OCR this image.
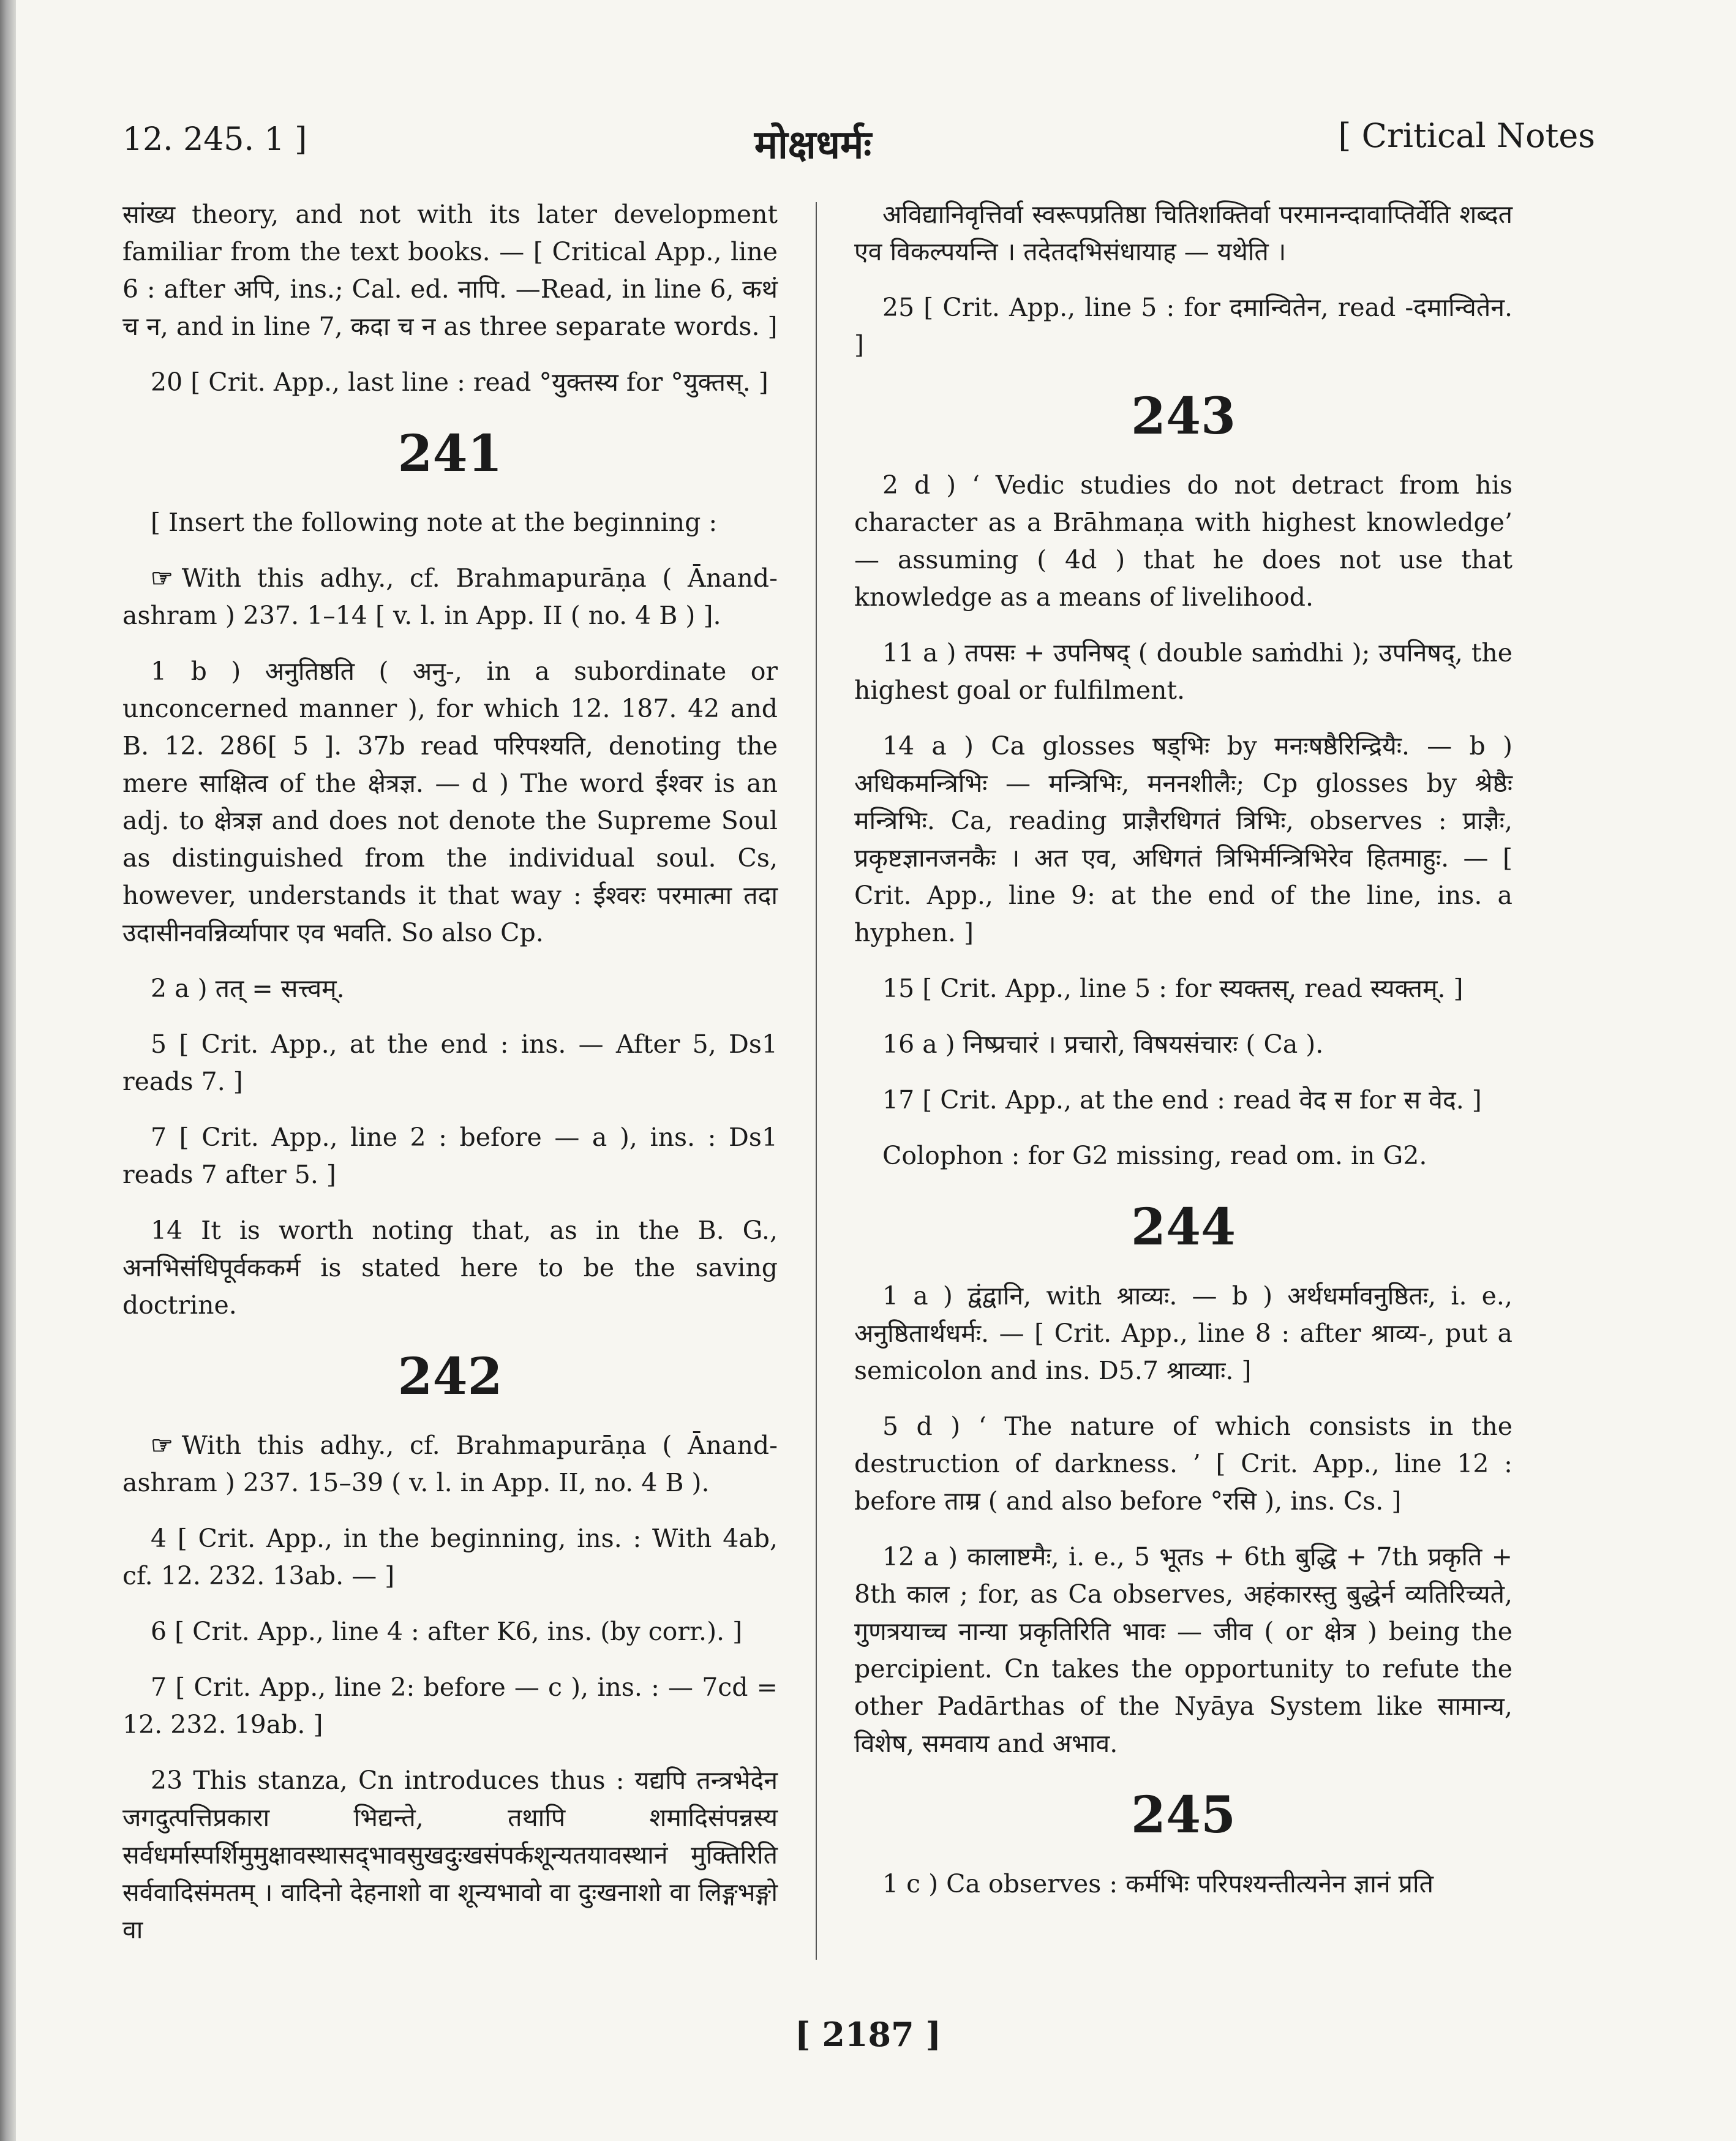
12. 245. 1 ]	मोक्षधर्मः	[ Critical Notes
सांख्य theory, and not with its later development familiar from the text books. — [ Critical App., line 6 : after अपि, ins.; Cal. ed. नापि. —Read, in line 6, कथं च न, and in line 7, कदा च न as three separate words. ]
20 [ Crit. App., last line : read °युक्तस्य for °युक्तस्. ]
241
[ Insert the following note at the beginning :
☞ With this adhy., cf. Brahmapurāṇa ( Ānand-ashram ) 237. 1–14 [ v. l. in App. II ( no. 4 B ) ].
1 b ) अनुतिष्ठति ( अनु-, in a subordinate or unconcerned manner ), for which 12. 187. 42 and B. 12. 286[ 5 ]. 37b read परिपश्यति, denoting the mere साक्षित्व of the क्षेत्रज्ञ. — d ) The word ईश्वर is an adj. to क्षेत्रज्ञ and does not denote the Supreme Soul as distinguished from the individual soul. Cs, however, understands it that way : ईश्वरः परमात्मा तदा उदासीनवन्निर्व्यापार एव भवति. So also Cp.
2 a ) तत् = सत्त्वम्.
5 [ Crit. App., at the end : ins. — After 5, Ds1 reads 7. ]
7 [ Crit. App., line 2 : before — a ), ins. : Ds1 reads 7 after 5. ]
14 It is worth noting that, as in the B. G., अनभिसंधिपूर्वककर्म is stated here to be the saving doctrine.
242
☞ With this adhy., cf. Brahmapurāṇa ( Ānand-ashram ) 237. 15–39 ( v. l. in App. II, no. 4 B ).
4 [ Crit. App., in the beginning, ins. : With 4ab, cf. 12. 232. 13ab. — ]
6 [ Crit. App., line 4 : after K6, ins. (by corr.). ]
7 [ Crit. App., line 2: before — c ), ins. : — 7cd = 12. 232. 19ab. ]
23 This stanza, Cn introduces thus : यद्यपि तन्त्रभेदेन जगदुत्पत्तिप्रकारा भिद्यन्ते, तथापि शमादिसंपन्नस्य सर्वधर्मास्पर्शिमुमुक्षावस्थासद्‌भावसुखदुःखसंपर्कशून्यतयावस्थानं मुक्तिरिति सर्ववादिसंमतम् । वादिनो देहनाशो वा शून्यभावो वा दुःखनाशो वा लिङ्गभङ्गो वा
अविद्यानिवृत्तिर्वा स्वरूपप्रतिष्ठा चितिशक्तिर्वा परमानन्दावाप्तिर्वेति शब्दत एव विकल्पयन्ति । तदेतदभिसंधायाह — यथेति ।
25 [ Crit. App., line 5 : for दमान्वितेन, read -दमान्वितेन. ]
243
2 d ) ‘ Vedic studies do not detract from his character as a Brāhmaṇa with highest knowledge’ — assuming ( 4d ) that he does not use that knowledge as a means of livelihood.
11 a ) तपसः + उपनिषद् ( double saṁdhi ); उपनिषद्, the highest goal or fulfilment.
14 a ) Ca glosses षड्भिः by मनःषष्ठैरिन्द्रियैः. — b ) अधिकमन्त्रिभिः — मन्त्रिभिः, मननशीलैः; Cp glosses by श्रेष्ठैः मन्त्रिभिः. Ca, reading प्राज्ञैरधिगतं त्रिभिः, observes : प्राज्ञैः, प्रकृष्टज्ञानजनकैः । अत एव, अधिगतं त्रिभिर्मन्त्रिभिरेव हितमाहुः. — [ Crit. App., line 9: at the end of the line, ins. a hyphen. ]
15 [ Crit. App., line 5 : for स्यक्तस्, read स्यक्तम्. ]
16 a ) निष्प्रचारं । प्रचारो, विषयसंचारः ( Ca ).
17 [ Crit. App., at the end : read वेद स for स वेद. ]
Colophon : for G2 missing, read om. in G2.
244
1 a ) द्वंद्वानि, with श्राव्यः. — b ) अर्थधर्मावनुष्ठितः, i. e., अनुष्ठितार्थधर्मः. — [ Crit. App., line 8 : after श्राव्य-, put a semicolon and ins. D5.7 श्राव्याः. ]
5 d ) ‘ The nature of which consists in the destruction of darkness. ’ [ Crit. App., line 12 : before ताम्र ( and also before °रसि ), ins. Cs. ]
12 a ) कालाष्टमैः, i. e., 5 भूतs + 6th बुद्धि + 7th प्रकृति + 8th काल ; for, as Ca observes, अहंकारस्तु बुद्धेर्न व्यतिरिच्यते, गुणत्रयाच्च नान्या प्रकृतिरिति भावः — जीव ( or क्षेत्र ) being the percipient. Cn takes the opportunity to refute the other Padārthas of the Nyāya System like सामान्य, विशेष, समवाय and अभाव.
245
1 c ) Ca observes : कर्मभिः परिपश्यन्तीत्यनेन ज्ञानं प्रति
[ 2187 ]
